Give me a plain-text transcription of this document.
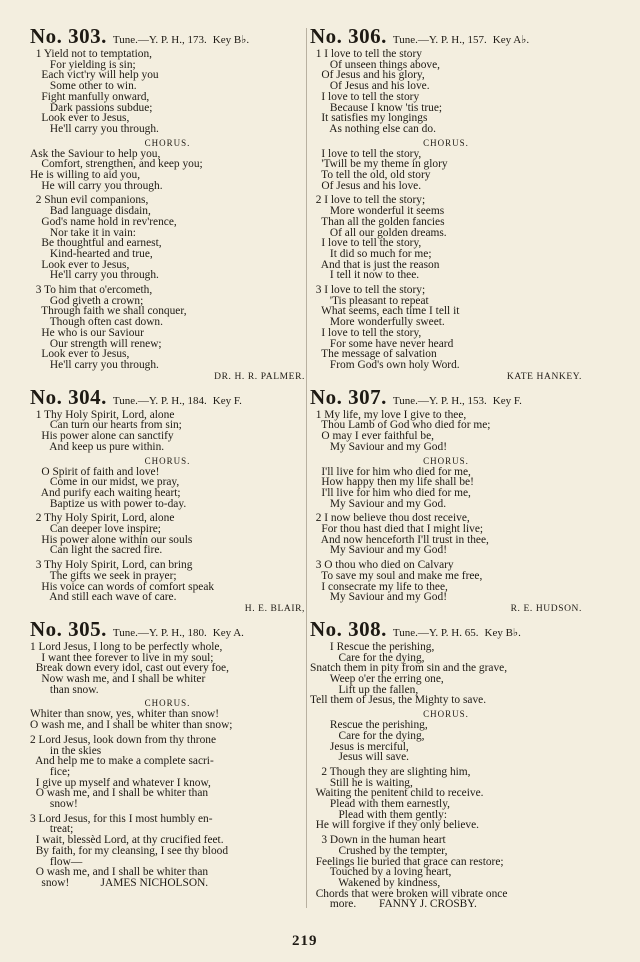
No. 303. Tune.—Y. P. H., 173. Key B♭.
1 Yield not to temptation,
For yielding is sin;
Each vict'ry will help you
Some other to win.
Fight manfully onward,
Dark passions subdue;
Look ever to Jesus,
He'll carry you through.
CHORUS.
Ask the Saviour to help you,
Comfort, strengthen, and keep you;
He is willing to aid you,
He will carry you through.
2 Shun evil companions,
Bad language disdain,
God's name hold in rev'rence,
Nor take it in vain:
Be thoughtful and earnest,
Kind-hearted and true,
Look ever to Jesus,
He'll carry you through.
3 To him that o'ercometh,
God giveth a crown;
Through faith we shall conquer,
Though often cast down.
He who is our Saviour
Our strength will renew;
Look ever to Jesus,
He'll carry you through.
DR. H. R. PALMER.
No. 304. Tune.—Y. P. H., 184. Key F.
1 Thy Holy Spirit, Lord, alone
Can turn our hearts from sin;
His power alone can sanctify
And keep us pure within.
CHORUS.
O Spirit of faith and love!
Come in our midst, we pray,
And purify each waiting heart;
Baptize us with power to-day.
2 Thy Holy Spirit, Lord, alone
Can deeper love inspire;
His power alone within our souls
Can light the sacred fire.
3 Thy Holy Spirit, Lord, can bring
The gifts we seek in prayer;
His voice can words of comfort speak
And still each wave of care.
H. E. BLAIR,
No. 305. Tune.—Y. P. H., 180. Key A.
1 Lord Jesus, I long to be perfectly whole,
I want thee forever to live in my soul;
Break down every idol, cast out every foe,
Now wash me, and I shall be whiter
than snow.
CHORUS.
Whiter than snow, yes, whiter than snow!
O wash me, and I shall be whiter than snow;
2 Lord Jesus, look down from thy throne
in the skies
And help me to make a complete sacri-
fice;
I give up myself and whatever I know,
O wash me, and I shall be whiter than
snow!
3 Lord Jesus, for this I most humbly en-
treat;
I wait, blessèd Lord, at thy crucified feet.
By faith, for my cleansing, I see thy blood
flow—
O wash me, and I shall be whiter than
snow!           JAMES NICHOLSON.
No. 306. Tune.—Y. P. H., 157. Key A♭.
1 I love to tell the story
Of unseen things above,
Of Jesus and his glory,
Of Jesus and his love.
I love to tell the story
Because I know 'tis true;
It satisfies my longings
As nothing else can do.
CHORUS.
I love to tell the story,
'Twill be my theme in glory
To tell the old, old story
Of Jesus and his love.
2 I love to tell the story;
More wonderful it seems
Than all the golden fancies
Of all our golden dreams.
I love to tell the story,
It did so much for me;
And that is just the reason
I tell it now to thee.
3 I love to tell the story;
'Tis pleasant to repeat
What seems, each time I tell it
More wonderfully sweet.
I love to tell the story,
For some have never heard
The message of salvation
From God's own holy Word.
KATE HANKEY.
No. 307. Tune.—Y. P. H., 153. Key F.
1 My life, my love I give to thee,
Thou Lamb of God who died for me;
O may I ever faithful be,
My Saviour and my God!
CHORUS.
I'll live for him who died for me,
How happy then my life shall be!
I'll live for him who died for me,
My Saviour and my God.
2 I now believe thou dost receive,
For thou hast died that I might live;
And now henceforth I'll trust in thee,
My Saviour and my God!
3 O thou who died on Calvary
To save my soul and make me free,
I consecrate my life to thee,
My Saviour and my God!
R. E. HUDSON.
No. 308. Tune.—Y. P. H. 65. Key B♭.
I Rescue the perishing,
Care for the dying,
Snatch them in pity from sin and the grave,
Weep o'er the erring one,
Lift up the fallen,
Tell them of Jesus, the Mighty to save.
CHORUS.
Rescue the perishing,
Care for the dying,
Jesus is merciful,
Jesus will save.
2 Though they are slighting him,
Still he is waiting,
Waiting the penitent child to receive.
Plead with them earnestly,
Plead with them gently:
He will forgive if they only believe.
3 Down in the human heart
Crushed by the tempter,
Feelings lie buried that grace can restore;
Touched by a loving heart,
Wakened by kindness,
Chords that were broken will vibrate once
more.        FANNY J. CROSBY.
219
